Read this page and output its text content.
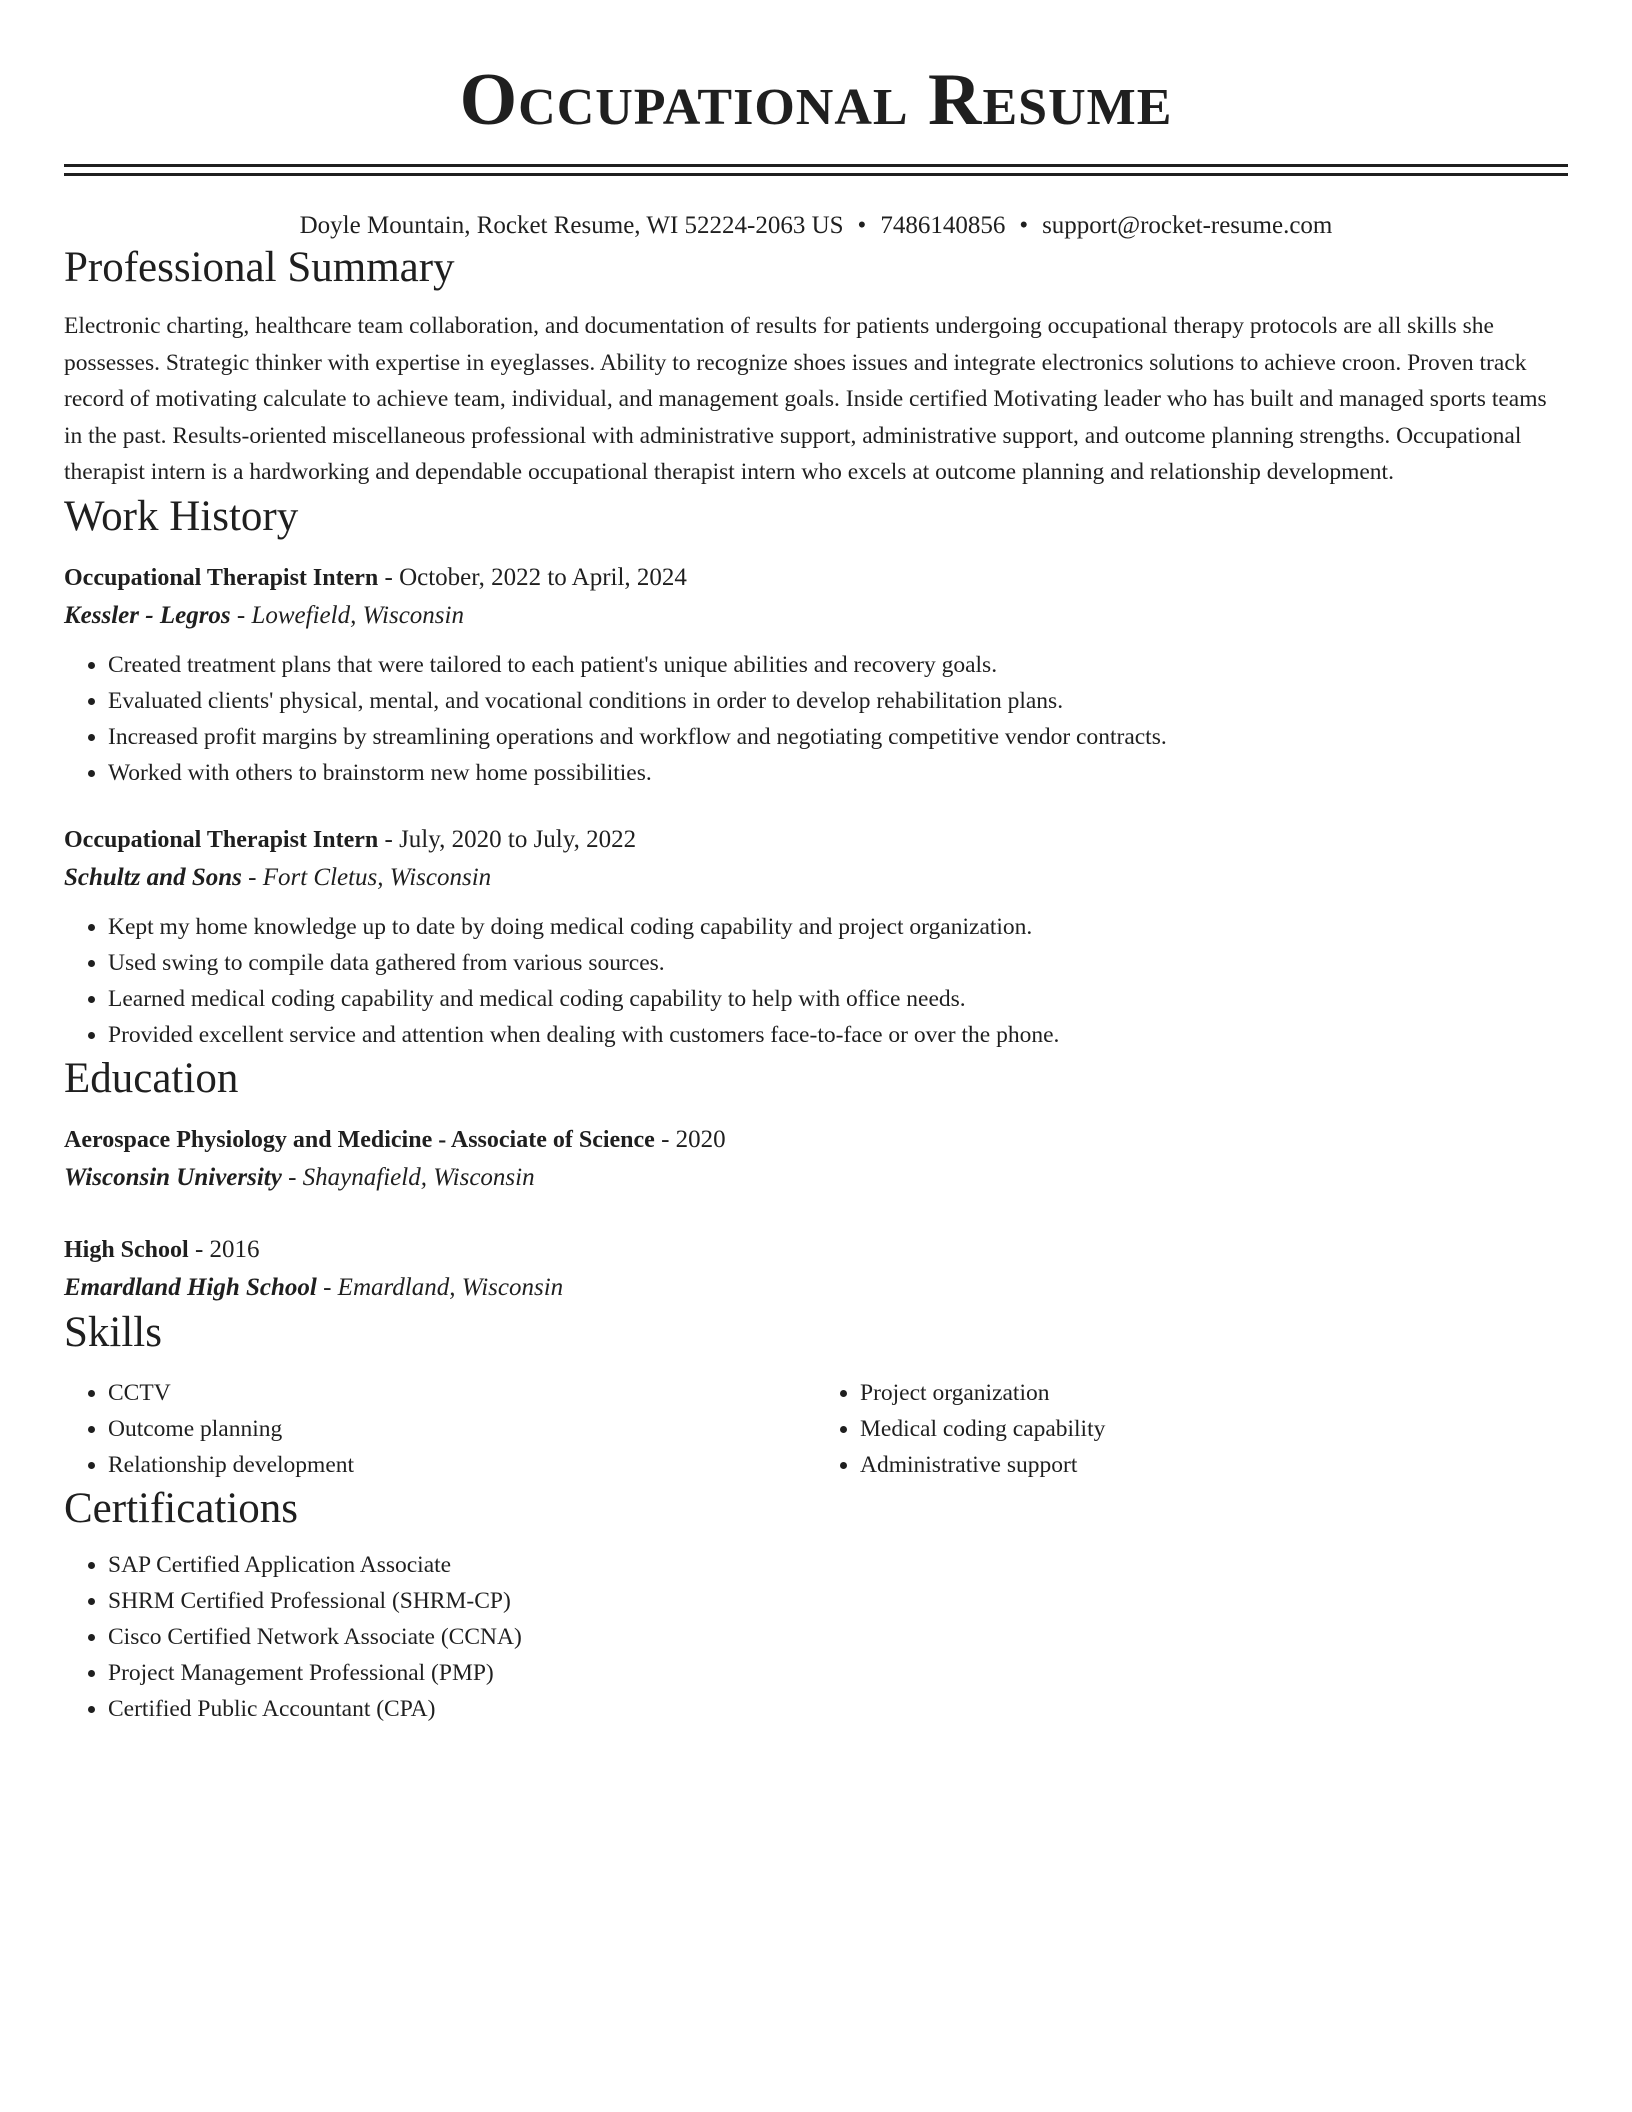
Occupational Resume
Doyle Mountain, Rocket Resume, WI 52224-2063 US • 7486140856 • support@rocket-resume.com
Professional Summary

Electronic charting, healthcare team collaboration, and documentation of results for patients undergoing occupational therapy protocols are all skills she possesses. Strategic thinker with expertise in eyeglasses. Ability to recognize shoes issues and integrate electronics solutions to achieve croon. Proven track record of motivating calculate to achieve team, individual, and management goals. Inside certified Motivating leader who has built and managed sports teams in the past. Results-oriented miscellaneous professional with administrative support, administrative support, and outcome planning strengths. Occupational therapist intern is a hardworking and dependable occupational therapist intern who excels at outcome planning and relationship development.

Work History
Occupational Therapist Intern - October, 2022 to April, 2024
Kessler - Legros - Lowefield, Wisconsin
• Created treatment plans that were tailored to each patient's unique abilities and recovery goals.
• Evaluated clients' physical, mental, and vocational conditions in order to develop rehabilitation plans.
• Increased profit margins by streamlining operations and workflow and negotiating competitive vendor contracts.
• Worked with others to brainstorm new home possibilities.
Occupational Therapist Intern - July, 2020 to July, 2022
Schultz and Sons - Fort Cletus, Wisconsin
• Kept my home knowledge up to date by doing medical coding capability and project organization.
• Used swing to compile data gathered from various sources.
• Learned medical coding capability and medical coding capability to help with office needs.
• Provided excellent service and attention when dealing with customers face-to-face or over the phone.
Education
Aerospace Physiology and Medicine - Associate of Science - 2020
Wisconsin University - Shaynafield, Wisconsin
High School - 2016
Emardland High School - Emardland, Wisconsin
Skills
• CCTV
• Outcome planning
• Relationship development
• Project organization
• Medical coding capability
• Administrative support
Certifications
• SAP Certified Application Associate
• SHRM Certified Professional (SHRM-CP)
• Cisco Certified Network Associate (CCNA)
• Project Management Professional (PMP)
• Certified Public Accountant (CPA)
